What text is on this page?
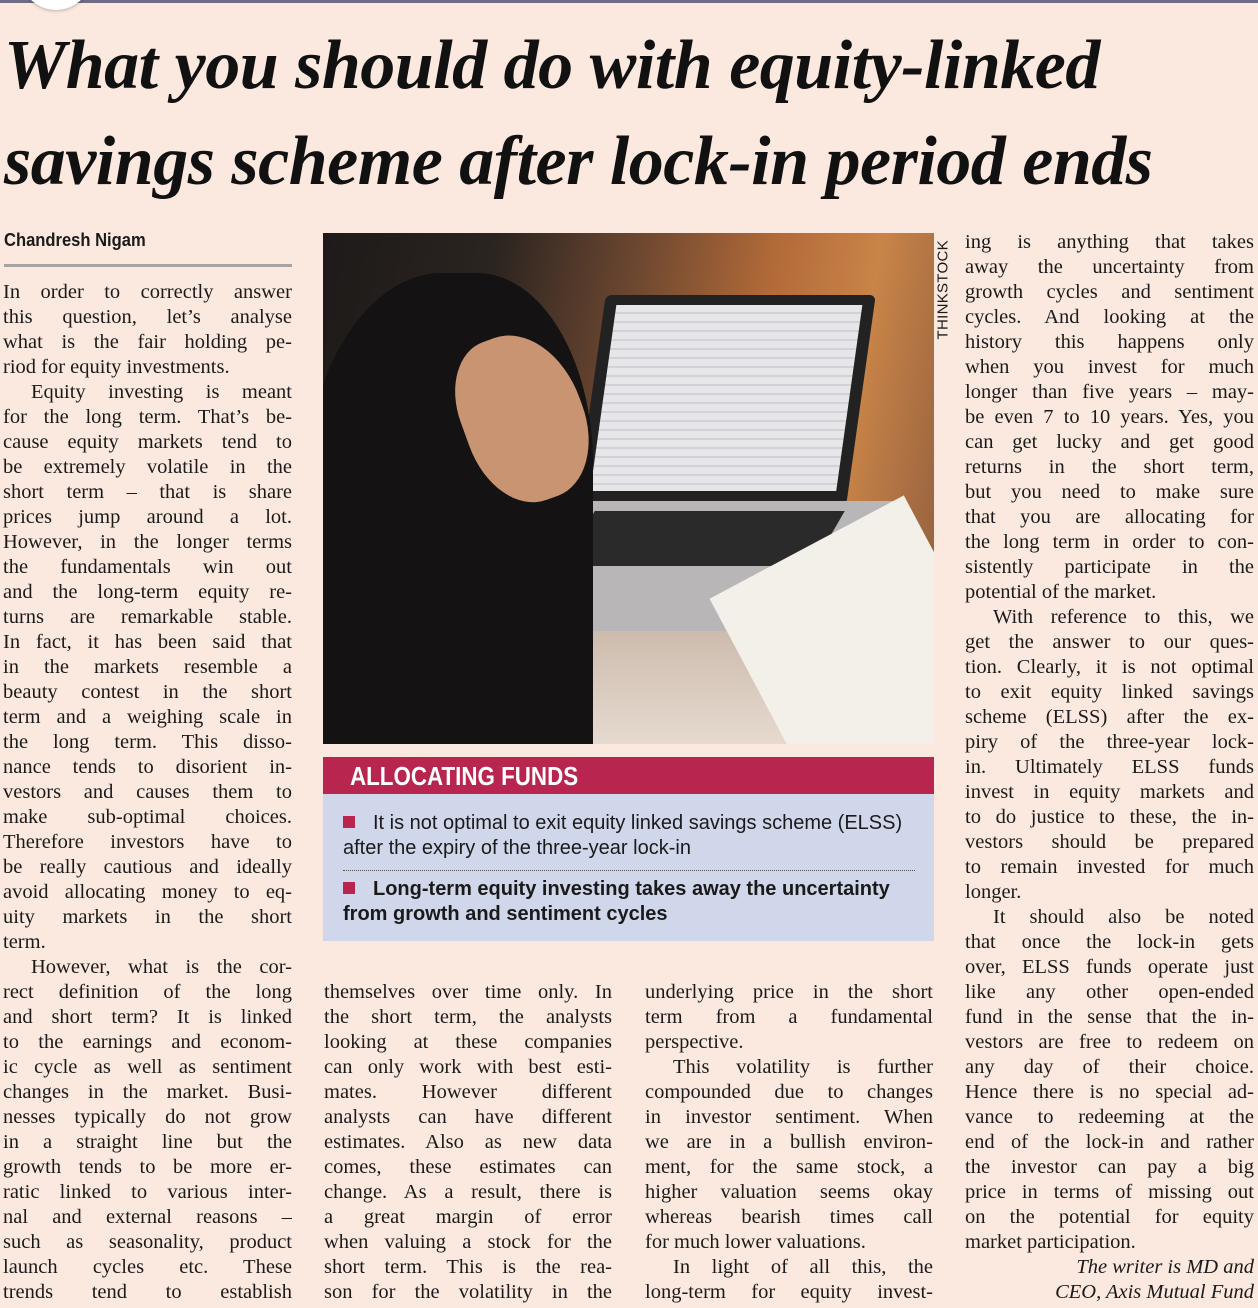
What you should do with equity-linked
savings scheme after lock-in period ends
Chandresh Nigam
THINKSTOCK
ALLOCATING FUNDS
It is not optimal to exit equity linked savings scheme (ELSS) after the expiry of the three-year lock-in
Long-term equity investing takes away the uncertainty from growth and sentiment cycles
In order to correctly answer
this question, let’s analyse
what is the fair holding pe-
riod for equity investments.
Equity investing is meant
for the long term. That’s be-
cause equity markets tend to
be extremely volatile in the
short term – that is share
prices jump around a lot.
However, in the longer terms
the fundamentals win out
and the long-term equity re-
turns are remarkable stable.
In fact, it has been said that
in the markets resemble a
beauty contest in the short
term and a weighing scale in
the long term. This disso-
nance tends to disorient in-
vestors and causes them to
make sub-optimal choices.
Therefore investors have to
be really cautious and ideally
avoid allocating money to eq-
uity markets in the short
term.
However, what is the cor-
rect definition of the long
and short term? It is linked
to the earnings and econom-
ic cycle as well as sentiment
changes in the market. Busi-
nesses typically do not grow
in a straight line but the
growth tends to be more er-
ratic linked to various inter-
nal and external reasons –
such as seasonality, product
launch cycles etc. These
trends tend to establish
themselves over time only. In
the short term, the analysts
looking at these companies
can only work with best esti-
mates. However different
analysts can have different
estimates. Also as new data
comes, these estimates can
change. As a result, there is
a great margin of error
when valuing a stock for the
short term. This is the rea-
son for the volatility in the
underlying price in the short
term from a fundamental
perspective.
This volatility is further
compounded due to changes
in investor sentiment. When
we are in a bullish environ-
ment, for the same stock, a
higher valuation seems okay
whereas bearish times call
for much lower valuations.
In light of all this, the
long-term for equity invest-
ing is anything that takes
away the uncertainty from
growth cycles and sentiment
cycles. And looking at the
history this happens only
when you invest for much
longer than five years – may-
be even 7 to 10 years. Yes, you
can get lucky and get good
returns in the short term,
but you need to make sure
that you are allocating for
the long term in order to con-
sistently participate in the
potential of the market.
With reference to this, we
get the answer to our ques-
tion. Clearly, it is not optimal
to exit equity linked savings
scheme (ELSS) after the ex-
piry of the three-year lock-
in. Ultimately ELSS funds
invest in equity markets and
to do justice to these, the in-
vestors should be prepared
to remain invested for much
longer.
It should also be noted
that once the lock-in gets
over, ELSS funds operate just
like any other open-ended
fund in the sense that the in-
vestors are free to redeem on
any day of their choice.
Hence there is no special ad-
vance to redeeming at the
end of the lock-in and rather
the investor can pay a big
price in terms of missing out
on the potential for equity
market participation.
The writer is MD and
CEO, Axis Mutual Fund
